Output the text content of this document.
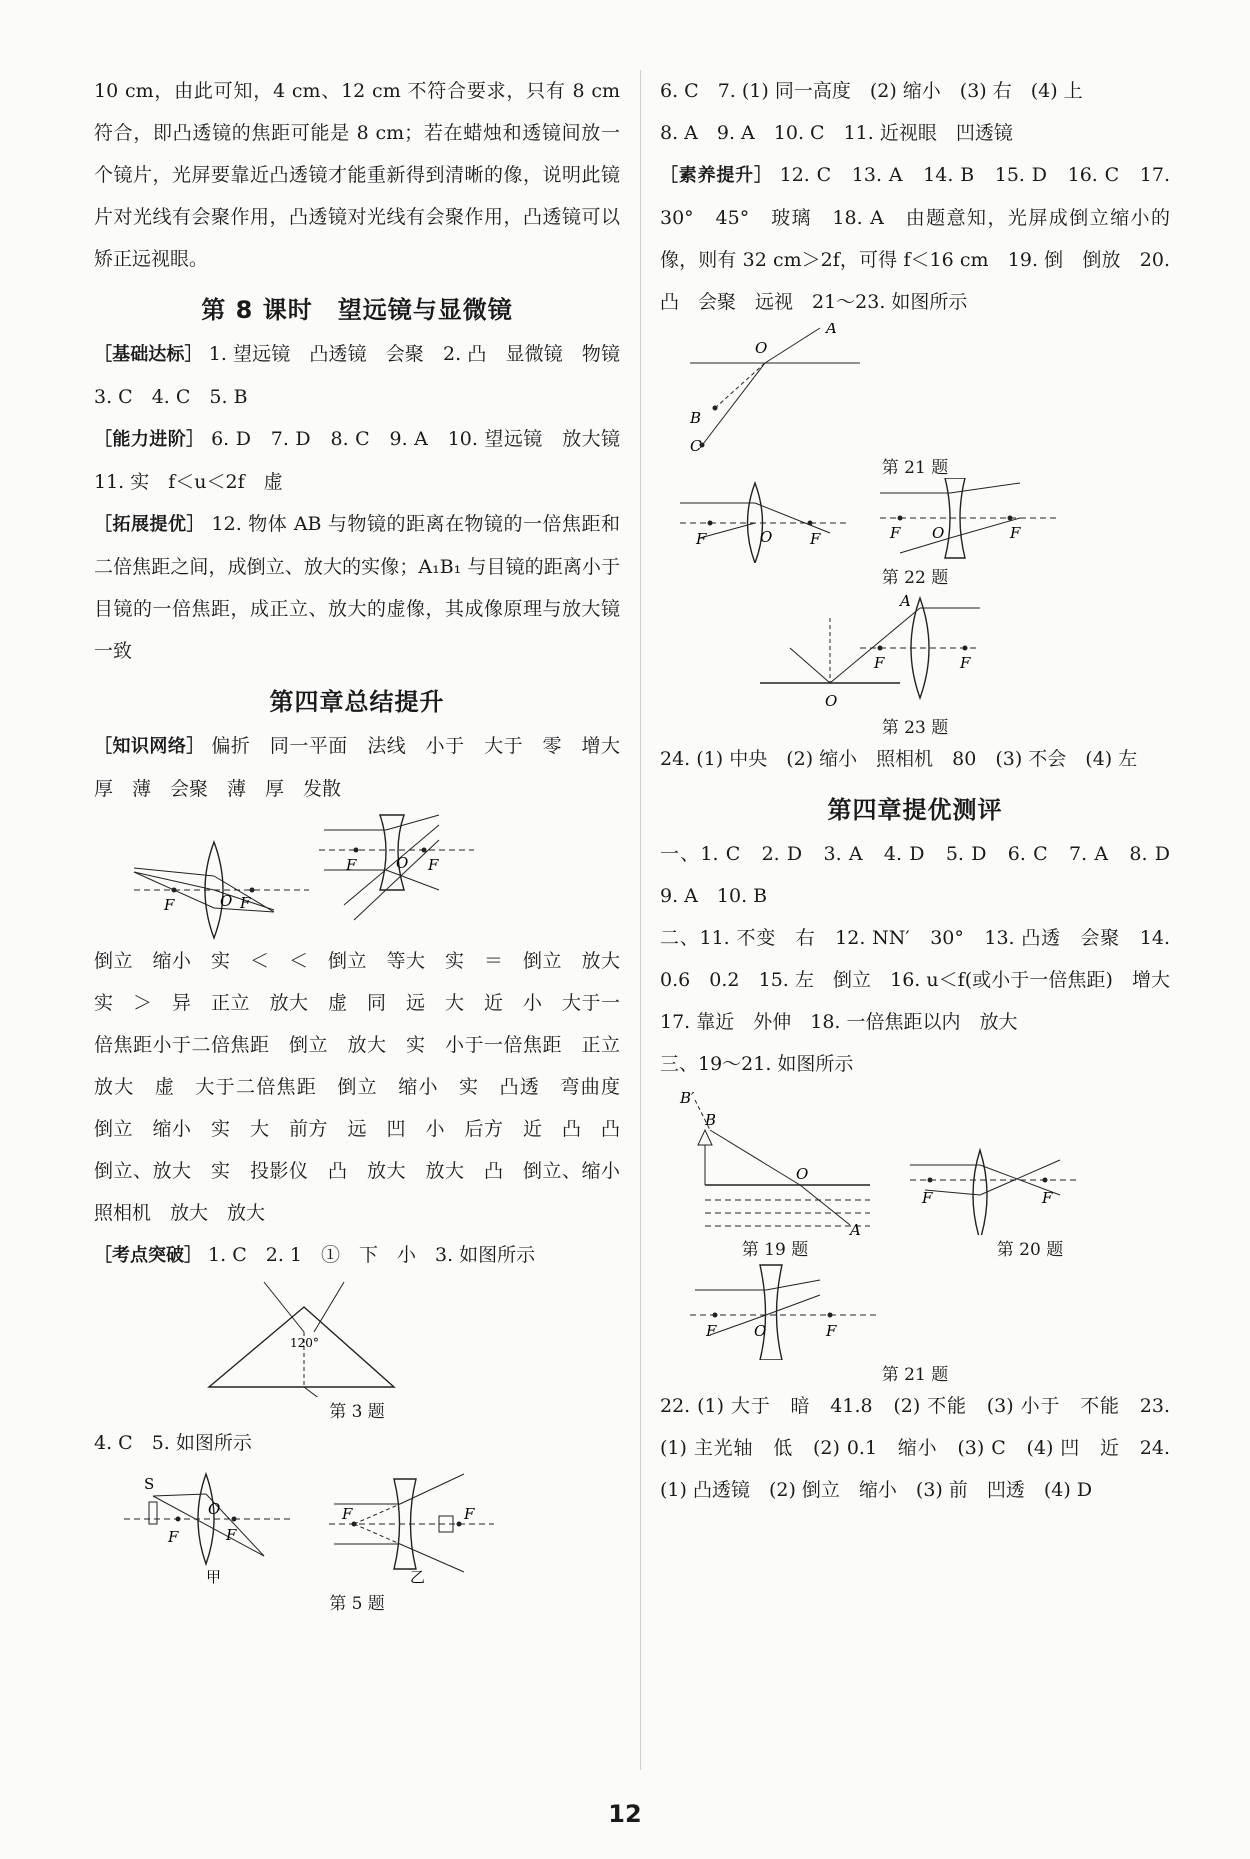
10 cm，由此可知，4 cm、12 cm 不符合要求，只有 8 cm 符合，即凸透镜的焦距可能是 8 cm；若在蜡烛和透镜间放一个镜片，光屏要靠近凸透镜才能重新得到清晰的像，说明此镜片对光线有会聚作用，凸透镜对光线有会聚作用，凸透镜可以矫正远视眼。

第 8 课时　望远镜与显微镜

［基础达标］ 1. 望远镜　凸透镜　会聚　2. 凸　显微镜　物镜　3. C　4. C　5. B

［能力进阶］ 6. D　7. D　8. C　9. A　10. 望远镜　放大镜　11. 实　f＜u＜2f　虚

［拓展提优］ 12. 物体 AB 与物镜的距离在物镜的一倍焦距和二倍焦距之间，成倒立、放大的实像；A₁B₁ 与目镜的距离小于目镜的一倍焦距，成正立、放大的虚像，其成像原理与放大镜一致

第四章总结提升

［知识网络］ 偏折　同一平面　法线　小于　大于　零　增大　厚　薄　会聚　薄　厚　发散

F	O F
F	O F

倒立　缩小　实　＜　＜　倒立　等大　实　＝　倒立　放大　实　＞　异　正立　放大　虚　同　远　大　近　小　大于一倍焦距小于二倍焦距　倒立　放大　实　小于一倍焦距　正立　放大　虚　大于二倍焦距　倒立　缩小　实　凸透　弯曲度　倒立　缩小　实　大　前方　远　凹　小　后方　近　凸　凸　倒立、放大　实　投影仪　凸　放大　放大　凸　倒立、缩小　照相机　放大　放大

［考点突破］ 1. C　2. 1　①　下　小　3. 如图所示

120°
第 3 题

4. C　5. 如图所示

S
F
O
F
甲
F	F
乙
第 5 题

6. C　7. (1) 同一高度　(2) 缩小　(3) 右　(4) 上

8. A　9. A　10. C　11. 近视眼　凹透镜

［素养提升］ 12. C　13. A　14. B　15. D　16. C　17. 30°　45°　玻璃　18. A　由题意知，光屏成倒立缩小的像，则有 32 cm＞2f，可得 f＜16 cm　19. 倒　倒放　20. 凸　会聚　远视　21～23. 如图所示

A
O
B
C
第 21 题
F	O	F	F O	F
第 22 题
A
F	F
O
第 23 题

24. (1) 中央　(2) 缩小　照相机　80　(3) 不会　(4) 左

第四章提优测评

一、1. C　2. D　3. A　4. D　5. D　6. C　7. A　8. D　9. A　10. B

二、11. 不变　右　12. NN′　30°　13. 凸透　会聚　14. 0.6　0.2　15. 左　倒立　16. u＜f(或小于一倍焦距)　增大　17. 靠近　外伸　18. 一倍焦距以内　放大

三、19～21. 如图所示

B′
B
O
A
F	F
第 19 题	第 20 题
F	O	F
第 21 题

22. (1) 大于　暗　41.8　(2) 不能　(3) 小于　不能　23. (1) 主光轴　低　(2) 0.1　缩小　(3) C　(4) 凹　近　24. (1) 凸透镜　(2) 倒立　缩小　(3) 前　凹透　(4) D

12
